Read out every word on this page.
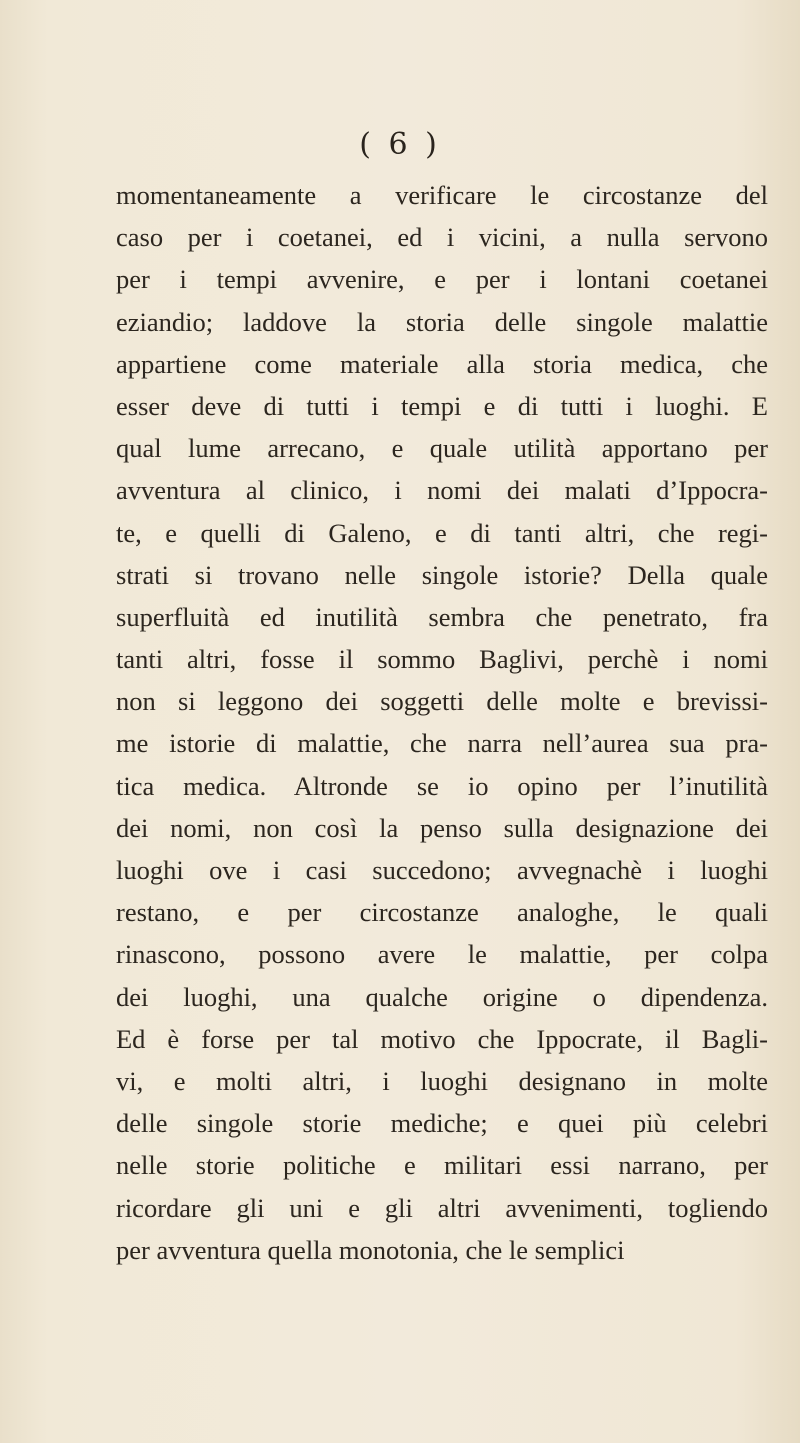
( 6 )
momentaneamente a verificare le circostanze del
caso per i coetanei, ed i vicini, a nulla servono
per i tempi avvenire, e per i lontani coetanei
eziandio; laddove la storia delle singole malattie
appartiene come materiale alla storia medica, che
esser deve di tutti i tempi e di tutti i luoghi. E
qual lume arrecano, e quale utilità apportano per
avventura al clinico, i nomi dei malati d’Ippocra-
te, e quelli di Galeno, e di tanti altri, che regi-
strati si trovano nelle singole istorie? Della quale
superfluità ed inutilità sembra che penetrato, fra
tanti altri, fosse il sommo Baglivi, perchè i nomi
non si leggono dei soggetti delle molte e brevissi-
me istorie di malattie, che narra nell’aurea sua pra-
tica medica. Altronde se io opino per l’inutilità
dei nomi, non così la penso sulla designazione dei
luoghi ove i casi succedono; avvegnachè i luoghi
restano, e per circostanze analoghe, le quali
rinascono, possono avere le malattie, per colpa
dei luoghi, una qualche origine o dipendenza.
Ed è forse per tal motivo che Ippocrate, il Bagli-
vi, e molti altri, i luoghi designano in molte
delle singole storie mediche; e quei più celebri
nelle storie politiche e militari essi narrano, per
ricordare gli uni e gli altri avvenimenti, togliendo
per avventura quella monotonia, che le semplici
